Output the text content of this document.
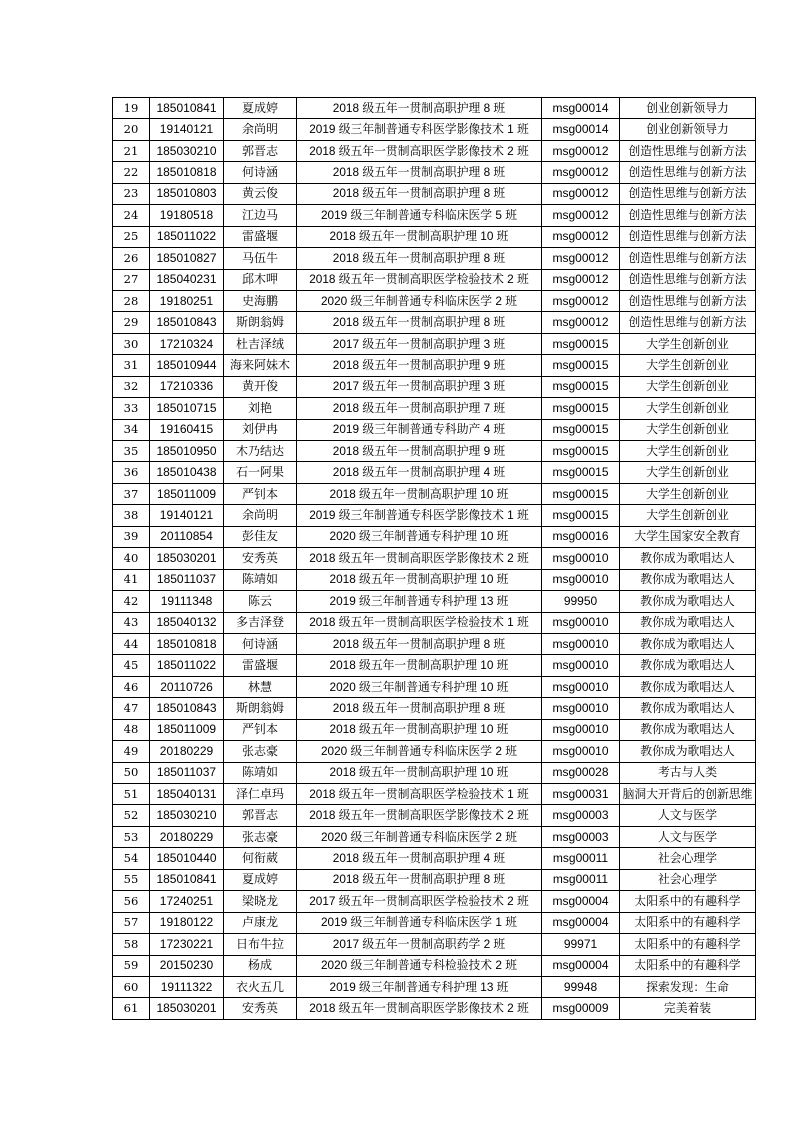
19	185010841	夏成婷	2018 级五年一贯制高职护理 8 班	msg00014	创业创新领导力
20	19140121	余尚明	2019 级三年制普通专科医学影像技术 1 班	msg00014	创业创新领导力
21	185030210	郭晋志	2018 级五年一贯制高职医学影像技术 2 班	msg00012	创造性思维与创新方法
22	185010818	何诗涵	2018 级五年一贯制高职护理 8 班	msg00012	创造性思维与创新方法
23	185010803	黄云俊	2018 级五年一贯制高职护理 8 班	msg00012	创造性思维与创新方法
24	19180518	江边马	2019 级三年制普通专科临床医学 5 班	msg00012	创造性思维与创新方法
25	185011022	雷盛堰	2018 级五年一贯制高职护理 10 班	msg00012	创造性思维与创新方法
26	185010827	马伍牛	2018 级五年一贯制高职护理 8 班	msg00012	创造性思维与创新方法
27	185040231	邱木呷	2018 级五年一贯制高职医学检验技术 2 班	msg00012	创造性思维与创新方法
28	19180251	史海鹏	2020 级三年制普通专科临床医学 2 班	msg00012	创造性思维与创新方法
29	185010843	斯朗翁姆	2018 级五年一贯制高职护理 8 班	msg00012	创造性思维与创新方法
30	17210324	杜吉泽绒	2017 级五年一贯制高职护理 3 班	msg00015	大学生创新创业
31	185010944	海来阿妹木	2018 级五年一贯制高职护理 9 班	msg00015	大学生创新创业
32	17210336	黄开俊	2017 级五年一贯制高职护理 3 班	msg00015	大学生创新创业
33	185010715	刘艳	2018 级五年一贯制高职护理 7 班	msg00015	大学生创新创业
34	19160415	刘伊冉	2019 级三年制普通专科助产 4 班	msg00015	大学生创新创业
35	185010950	木乃结达	2018 级五年一贯制高职护理 9 班	msg00015	大学生创新创业
36	185010438	石一阿果	2018 级五年一贯制高职护理 4 班	msg00015	大学生创新创业
37	185011009	严钊本	2018 级五年一贯制高职护理 10 班	msg00015	大学生创新创业
38	19140121	余尚明	2019 级三年制普通专科医学影像技术 1 班	msg00015	大学生创新创业
39	20110854	彭佳友	2020 级三年制普通专科护理 10 班	msg00016	大学生国家安全教育
40	185030201	安秀英	2018 级五年一贯制高职医学影像技术 2 班	msg00010	教你成为歌唱达人
41	185011037	陈靖如	2018 级五年一贯制高职护理 10 班	msg00010	教你成为歌唱达人
42	19111348	陈云	2019 级三年制普通专科护理 13 班	99950	教你成为歌唱达人
43	185040132	多吉泽登	2018 级五年一贯制高职医学检验技术 1 班	msg00010	教你成为歌唱达人
44	185010818	何诗涵	2018 级五年一贯制高职护理 8 班	msg00010	教你成为歌唱达人
45	185011022	雷盛堰	2018 级五年一贯制高职护理 10 班	msg00010	教你成为歌唱达人
46	20110726	林慧	2020 级三年制普通专科护理 10 班	msg00010	教你成为歌唱达人
47	185010843	斯朗翁姆	2018 级五年一贯制高职护理 8 班	msg00010	教你成为歌唱达人
48	185011009	严钊本	2018 级五年一贯制高职护理 10 班	msg00010	教你成为歌唱达人
49	20180229	张志豪	2020 级三年制普通专科临床医学 2 班	msg00010	教你成为歌唱达人
50	185011037	陈靖如	2018 级五年一贯制高职护理 10 班	msg00028	考古与人类
51	185040131	泽仁卓玛	2018 级五年一贯制高职医学检验技术 1 班	msg00031	脑洞大开背后的创新思维
52	185030210	郭晋志	2018 级五年一贯制高职医学影像技术 2 班	msg00003	人文与医学
53	20180229	张志豪	2020 级三年制普通专科临床医学 2 班	msg00003	人文与医学
54	185010440	何衔葳	2018 级五年一贯制高职护理 4 班	msg00011	社会心理学
55	185010841	夏成婷	2018 级五年一贯制高职护理 8 班	msg00011	社会心理学
56	17240251	梁晓龙	2017 级五年一贯制高职医学检验技术 2 班	msg00004	太阳系中的有趣科学
57	19180122	卢康龙	2019 级三年制普通专科临床医学 1 班	msg00004	太阳系中的有趣科学
58	17230221	日布牛拉	2017 级五年一贯制高职药学 2 班	99971	太阳系中的有趣科学
59	20150230	杨成	2020 级三年制普通专科检验技术 2 班	msg00004	太阳系中的有趣科学
60	19111322	衣火五几	2019 级三年制普通专科护理 13 班	99948	探索发现：生命
61	185030201	安秀英	2018 级五年一贯制高职医学影像技术 2 班	msg00009	完美着装
